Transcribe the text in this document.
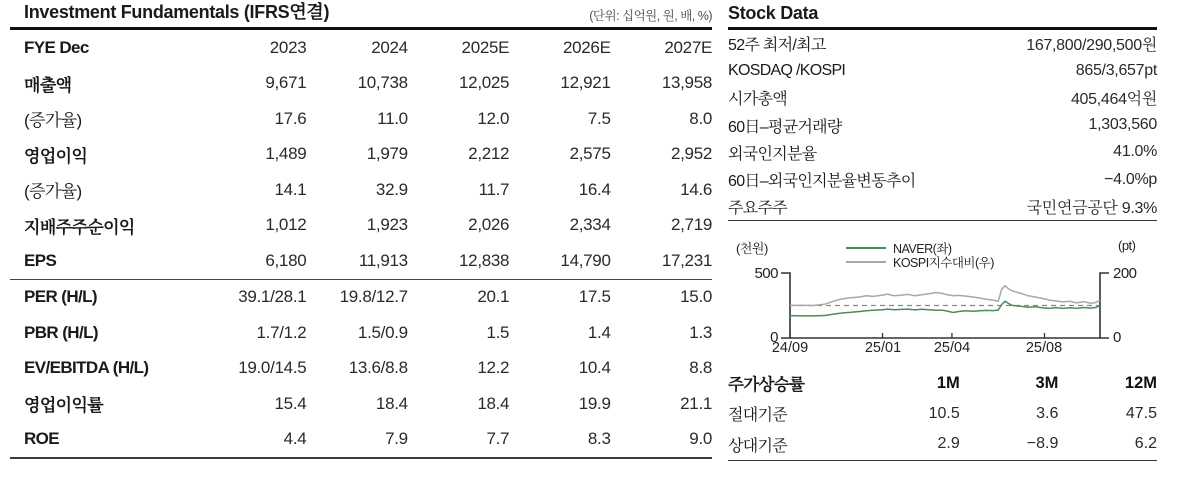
Investment Fundamentals (IFRS연결)	(단위: 십억원, 원, 배, %)
FYE Dec	2023	2024	2025E	2026E	2027E
매출액	9,671	10,738	12,025	12,921	13,958
(증가율)	17.6	11.0	12.0	7.5	8.0
영업이익	1,489	1,979	2,212	2,575	2,952
(증가율)	14.1	32.9	11.7	16.4	14.6
지배주주순이익	1,012	1,923	2,026	2,334	2,719
EPS	6,180	11,913	12,838	14,790	17,231
PER (H/L)	39.1/28.1	19.8/12.7	20.1	17.5	15.0
PBR (H/L)	1.7/1.2	1.5/0.9	1.5	1.4	1.3
EV/EBITDA (H/L)	19.0/14.5	13.6/8.8	12.2	10.4	8.8
영업이익률	15.4	18.4	18.4	19.9	21.1
ROE	4.4	7.9	7.7	8.3	9.0
Stock Data
52주 최저/최고	167,800/290,500원
KOSDAQ /KOSPI	865/3,657pt
시가총액	405,464억원
60日–평균거래량	1,303,560
외국인지분율	41.0%
60日–외국인지분율변동추이	−4.0%p
주요주주	국민연금공단 9.3%
(천원)
500
0
(pt)
200
0
24/09	25/01	25/04	25/08
NAVER(좌)
KOSPI지수대비(우)
주가상승률	1M	3M	12M
절대기준	10.5	3.6	47.5
상대기준	2.9	−8.9	6.2
